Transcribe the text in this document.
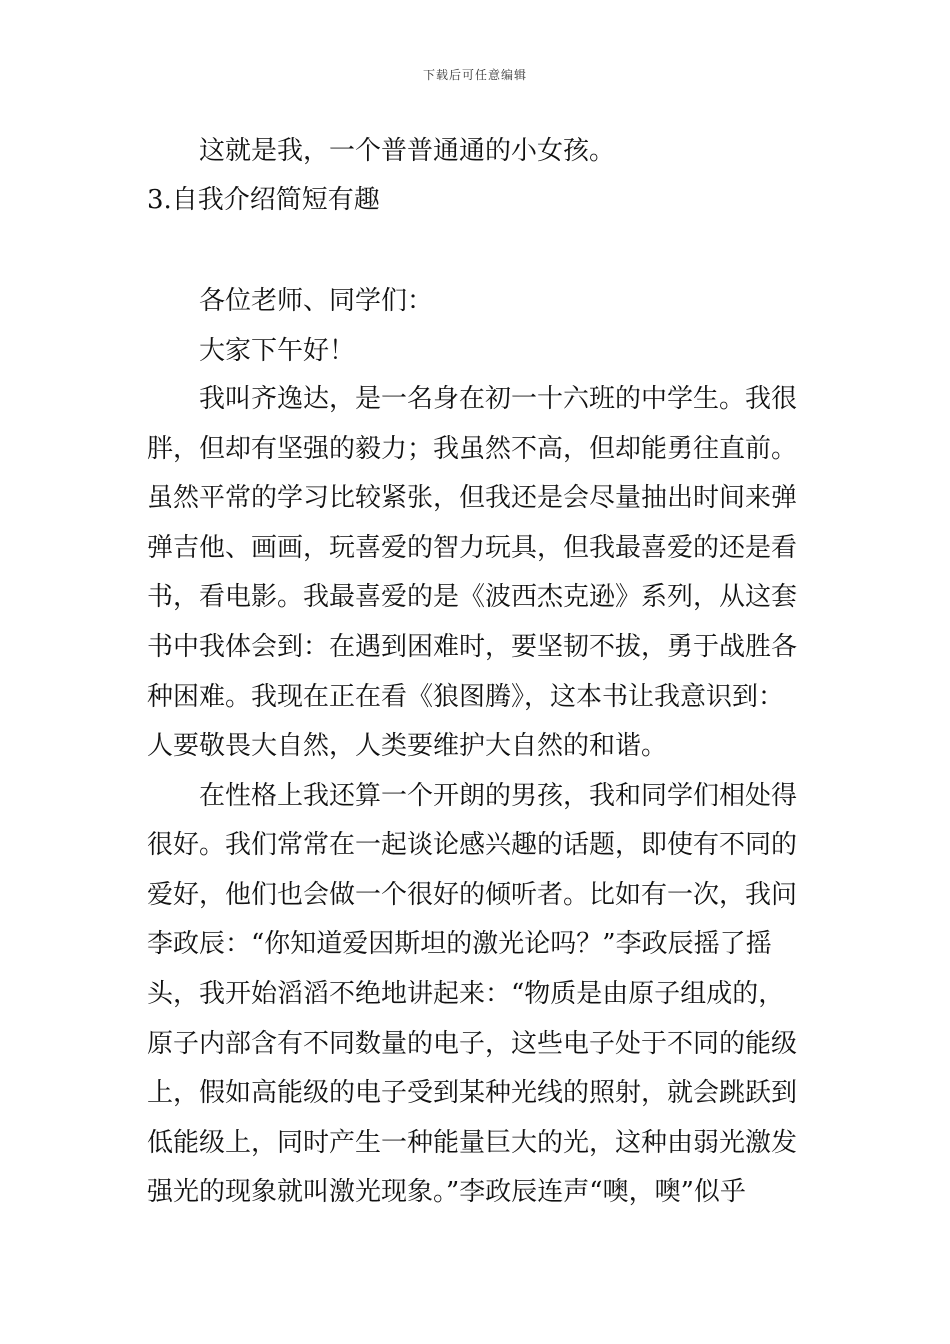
下载后可任意编辑
这就是我，一个普普通通的小女孩。
3.自我介绍简短有趣
各位老师、同学们：
大家下午好！
我叫齐逸达，是一名身在初一十六班的中学生。我很
胖，但却有坚强的毅力；我虽然不高，但却能勇往直前。
虽然平常的学习比较紧张，但我还是会尽量抽出时间来弹
弹吉他、画画，玩喜爱的智力玩具，但我最喜爱的还是看
书，看电影。我最喜爱的是《波西杰克逊》系列，从这套
书中我体会到：在遇到困难时，要坚韧不拔，勇于战胜各
种困难。我现在正在看《狼图腾》，这本书让我意识到：
人要敬畏大自然，人类要维护大自然的和谐。
在性格上我还算一个开朗的男孩，我和同学们相处得
很好。我们常常在一起谈论感兴趣的话题，即使有不同的
爱好，他们也会做一个很好的倾听者。比如有一次，我问
李政辰：“你知道爱因斯坦的激光论吗？”李政辰摇了摇
头，我开始滔滔不绝地讲起来：“物质是由原子组成的，
原子内部含有不同数量的电子，这些电子处于不同的能级
上，假如高能级的电子受到某种光线的照射，就会跳跃到
低能级上，同时产生一种能量巨大的光，这种由弱光激发
强光的现象就叫激光现象。”李政辰连声“噢，噢”似乎
